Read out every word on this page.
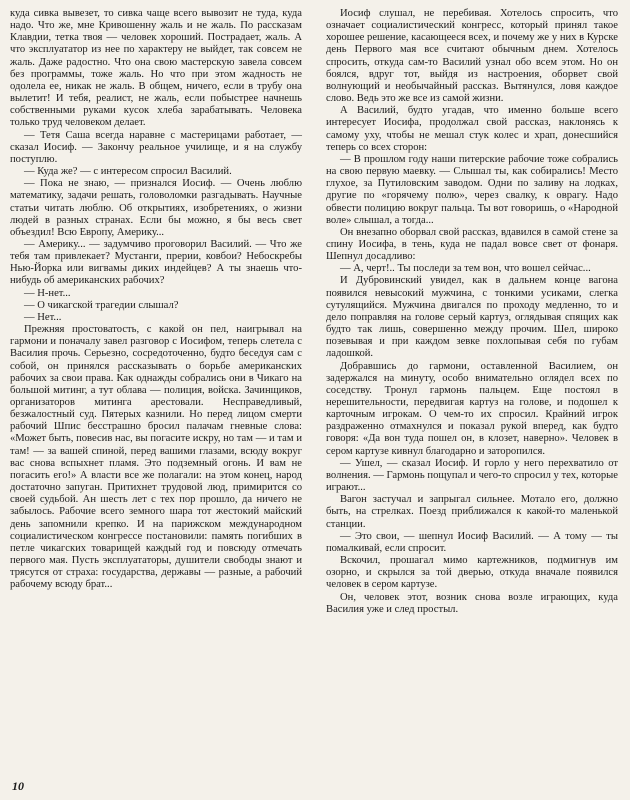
куда сивка вывезет, то сивка чаще всего вывозит не туда, куда надо. Что же, мне Кривошенну жаль и не жаль. По рассказам Клавдии, тетка твоя — человек хороший. Пострадает, жаль. А что эксплуататор из нее по характеру не выйдет, так совсем не жаль. Даже радостно. Что она свою мастерскую завела совсем без программы, тоже жаль. Но что при этом жадность не одолела ее, никак не жаль. В общем, ничего, если в трубу она вылетит! И тебя, реалист, не жаль, если побыстрее начнешь собственными руками кусок хлеба зарабатывать. Человека только труд человеком делает.

— Тетя Саша всегда наравне с мастерицами работает, — сказал Иосиф. — Закончу реальное училище, и я на службу поступлю.

— Куда же? — с интересом спросил Василий.

— Пока не знаю, — признался Иосиф. — Очень люблю математику, задачи решать, головоломки разгадывать. Научные статьи читать люблю. Об открытиях, изобретениях, о жизни людей в разных странах. Если бы можно, я бы весь свет объездил! Всю Европу, Америку...

— Америку... — задумчиво проговорил Василий. — Что же тебя там привлекает? Мустанги, прерии, ковбои? Небоскребы Нью-Йорка или вигвамы диких индейцев? А ты знаешь что-нибудь об американских рабочих?

— Н-нет...

— О чикагской трагедии слышал?

— Нет...

Прежняя простоватость, с какой он пел, наигрывал на гармони и поначалу завел разговор с Иосифом, теперь слетела с Василия прочь. Серьезно, сосредоточенно, будто беседуя сам с собой, он принялся рассказывать о борьбе американских рабочих за свои права. Как однажды собрались они в Чикаго на большой митинг, а тут облава — полиция, войска. Зачинщиков, организаторов митинга арестовали. Несправедливый, безжалостный суд. Пятерых казнили. Но перед лицом смерти рабочий Шпис бесстрашно бросил палачам гневные слова: «Может быть, повесив нас, вы погасите искру, но там — и там и там! — за вашей спиной, перед вашими глазами, всюду вокруг вас снова вспыхнет пламя. Это подземный огонь. И вам не погасить его!» А власти все же полагали: на этом конец, народ достаточно запуган. Притихнет трудовой люд, примирится со своей судьбой. Ан шесть лет с тех пор прошло, да ничего не забылось. Рабочие всего земного шара тот жестокий майский день запомнили крепко. И на парижском международном социалистическом конгрессе постановили: память погибших в петле чикагских товарищей каждый год и повсюду отмечать первого мая. Пусть эксплуататоры, душители свободы знают и трясутся от страха: государства, державы — разные, а рабочий рабочему всюду брат...

Иосиф слушал, не перебивая. Хотелось спросить, что означает социалистический конгресс, который принял такое хорошее решение, касающееся всех, и почему же у них в Курске день Первого мая все считают обычным днем. Хотелось спросить, откуда сам-то Василий узнал обо всем этом. Но он боялся, вдруг тот, выйдя из настроения, оборвет свой волнующий и необычайный рассказ. Вытянулся, ловя каждое слово. Ведь это же все из самой жизни.

А Василий, будто угадав, что именно больше всего интересует Иосифа, продолжал свой рассказ, наклонясь к самому уху, чтобы не мешал стук колес и храп, донесшийся теперь со всех сторон:

— В прошлом году наши питерские рабочие тоже собрались на свою первую маевку. — Слышал ты, как собирались! Место глухое, за Путиловским заводом. Одни по заливу на лодках, другие по «горячему полю», через свалку, к оврагу. Надо обвести полицию вокруг пальца. Ты вот говоришь, о «Народной воле» слышал, а тогда...

Он внезапно оборвал свой рассказ, вдавился в самой стене за спину Иосифа, в тень, куда не падал вовсе свет от фонаря. Шепнул досадливо:

— А, черт!.. Ты последи за тем вон, что вошел сейчас...

И Дубровинский увидел, как в дальнем конце вагона появился невысокий мужчина, с тонкими усиками, слегка сутулящийся. Мужчина двигался по проходу медленно, то и дело поправляя на голове серый картуз, оглядывая спящих как будто так лишь, совершенно между прочим. Шел, широко позевывая и при каждом зевке похлопывая себя по губам ладошкой.

Добравшись до гармони, оставленной Василием, он задержался на минуту, особо внимательно оглядел всех по соседству. Тронул гармонь пальцем. Еще постоял в нерешительности, передвигая картуз на голове, и подошел к карточным игрокам. О чем-то их спросил. Крайний игрок раздраженно отмахнулся и показал рукой вперед, как будто говоря: «Да вон туда пошел он, в клозет, наверно». Человек в сером картузе кивнул благодарно и заторопился.

— Ушел, — сказал Иосиф. И горло у него перехватило от волнения. — Гармонь пощупал и чего-то спросил у тех, которые играют...

Вагон застучал и запрыгал сильнее. Мотало его, должно быть, на стрелках. Поезд приближался к какой-то маленькой станции.

— Это свои, — шепнул Иосиф Василий. — А тому — ты помалкивай, если спросит.

Вскочил, прошагал мимо картежников, подмигнув им озорно, и скрылся за той дверью, откуда вначале появился человек в сером картузе.

Он, человек этот, возник снова возле играющих, куда Василия уже и след простыл.

10
